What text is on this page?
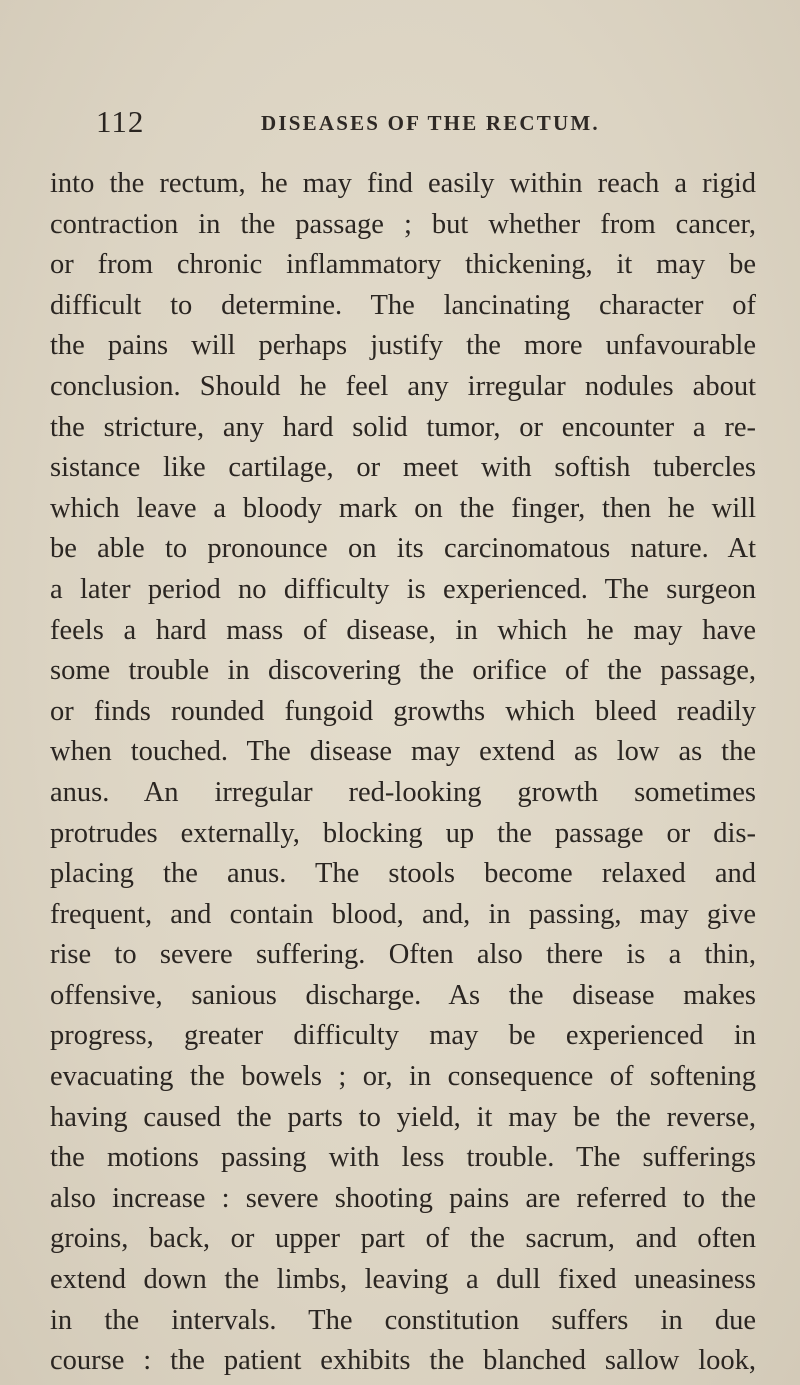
112	DISEASES OF THE RECTUM.
into the rectum, he may find easily within reach a rigid
contraction in the passage ; but whether from cancer,
or from chronic inflammatory thickening, it may be
difficult to determine. The lancinating character of
the pains will perhaps justify the more unfavourable
conclusion. Should he feel any irregular nodules about
the stricture, any hard solid tumor, or encounter a re-
sistance like cartilage, or meet with softish tubercles
which leave a bloody mark on the finger, then he will
be able to pronounce on its carcinomatous nature. At
a later period no difficulty is experienced. The surgeon
feels a hard mass of disease, in which he may have
some trouble in discovering the orifice of the passage,
or finds rounded fungoid growths which bleed readily
when touched. The disease may extend as low as the
anus. An irregular red-looking growth sometimes
protrudes externally, blocking up the passage or dis-
placing the anus. The stools become relaxed and
frequent, and contain blood, and, in passing, may give
rise to severe suffering. Often also there is a thin,
offensive, sanious discharge. As the disease makes
progress, greater difficulty may be experienced in
evacuating the bowels ; or, in consequence of softening
having caused the parts to yield, it may be the reverse,
the motions passing with less trouble. The sufferings
also increase : severe shooting pains are referred to the
groins, back, or upper part of the sacrum, and often
extend down the limbs, leaving a dull fixed uneasiness
in the intervals. The constitution suffers in due
course : the patient exhibits the blanched sallow look,
